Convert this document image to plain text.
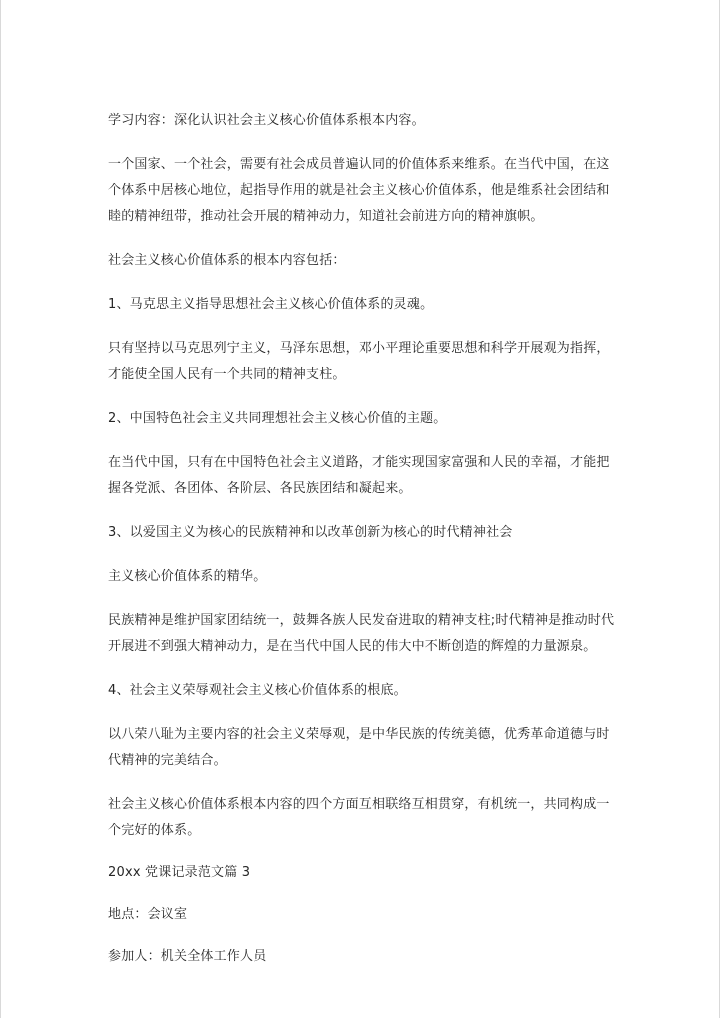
学习内容：深化认识社会主义核心价值体系根本内容。

一个国家、一个社会，需要有社会成员普遍认同的价值体系来维系。在当代中国，在这个体系中居核心地位，起指导作用的就是社会主义核心价值体系，他是维系社会团结和睦的精神纽带，推动社会开展的精神动力，知道社会前进方向的精神旗帜。

社会主义核心价值体系的根本内容包括：

1、马克思主义指导思想社会主义核心价值体系的灵魂。

只有坚持以马克思列宁主义，马泽东思想，邓小平理论重要思想和科学开展观为指挥，才能使全国人民有一个共同的精神支柱。

2、中国特色社会主义共同理想社会主义核心价值的主题。

在当代中国，只有在中国特色社会主义道路，才能实现国家富强和人民的幸福，才能把握各党派、各团体、各阶层、各民族团结和凝起来。

3、以爱国主义为核心的民族精神和以改革创新为核心的时代精神社会

主义核心价值体系的精华。

民族精神是维护国家团结统一，鼓舞各族人民发奋进取的精神支柱;时代精神是推动时代开展进不到强大精神动力，是在当代中国人民的伟大中不断创造的辉煌的力量源泉。

4、社会主义荣辱观社会主义核心价值体系的根底。

以八荣八耻为主要内容的社会主义荣辱观，是中华民族的传统美德，优秀革命道德与时代精神的完美结合。

社会主义核心价值体系根本内容的四个方面互相联络互相贯穿，有机统一，共同构成一个完好的体系。

20xx 党课记录范文篇 3

地点：会议室

参加人：机关全体工作人员
